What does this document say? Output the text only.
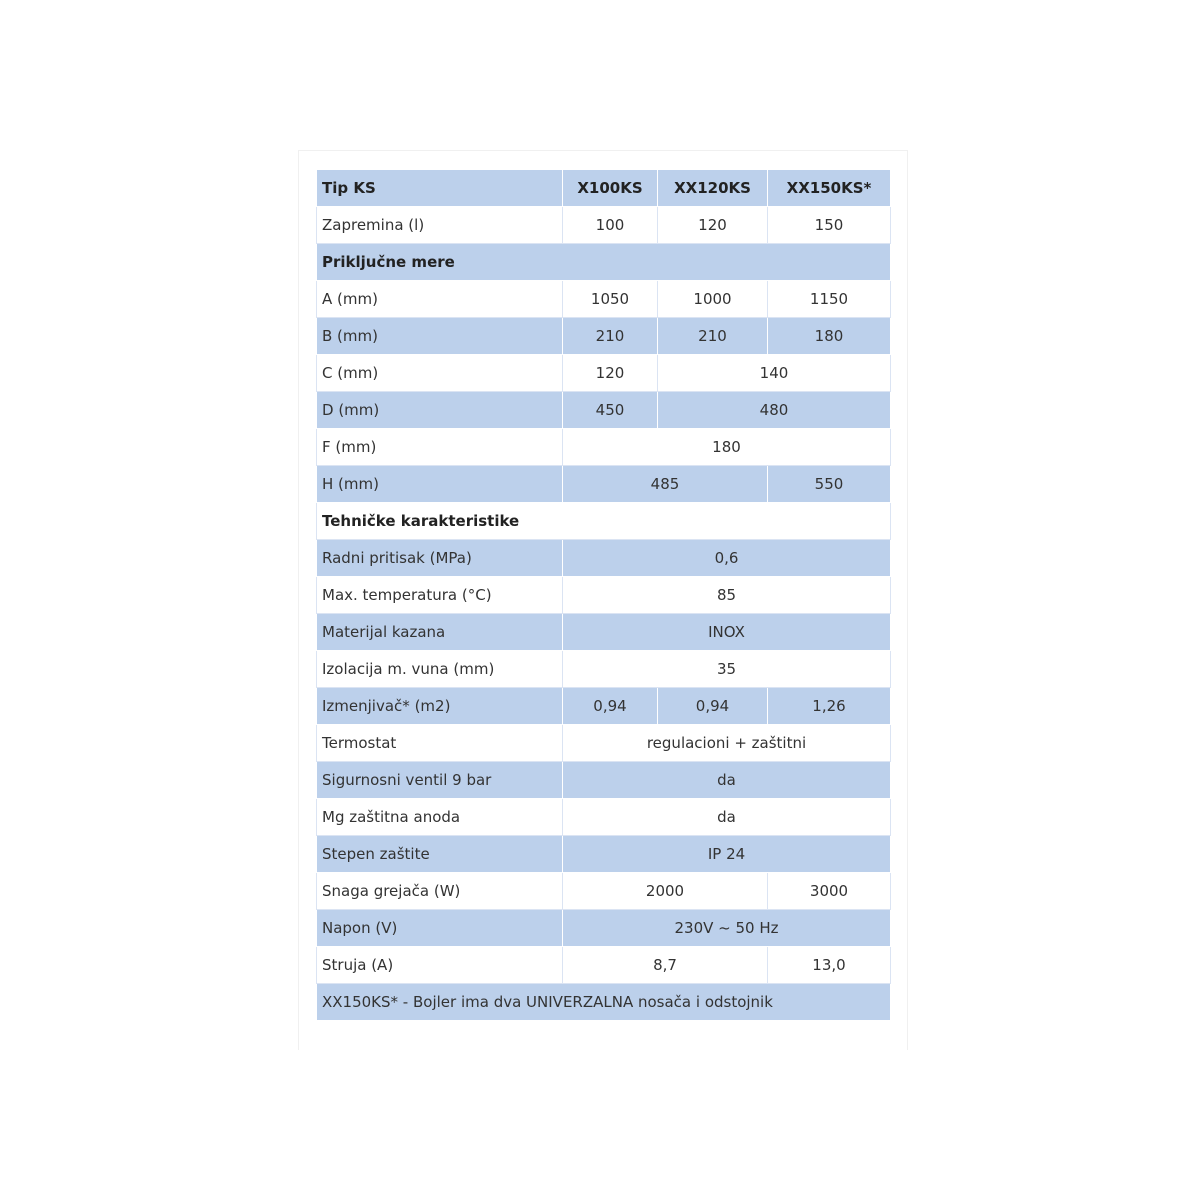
Tip KS	X100KS	XX120KS	XX150KS*
Zapremina (l)	100	120	150
Priključne mere			
A (mm)	1050	1000	1150
B (mm)	210	210	180
C (mm)	120	140	
D (mm)	450	480	
F (mm)	180		
H (mm)	485		550
Tehničke karakteristike			
Radni pritisak (MPa)	0,6		
Max. temperatura (°C)	85		
Materijal kazana	INOX		
Izolacija m. vuna (mm)	35		
Izmenjivač* (m2)	0,94	0,94	1,26
Termostat	regulacioni + zaštitni		
Sigurnosni ventil 9 bar	da		
Mg zaštitna anoda	da		
Stepen zaštite	IP 24		
Snaga grejača (W)	2000		3000
Napon (V)	230V ~ 50 Hz		
Struja (A)	8,7		13,0
XX150KS* - Bojler ima dva UNIVERZALNA nosača i odstojnik			
